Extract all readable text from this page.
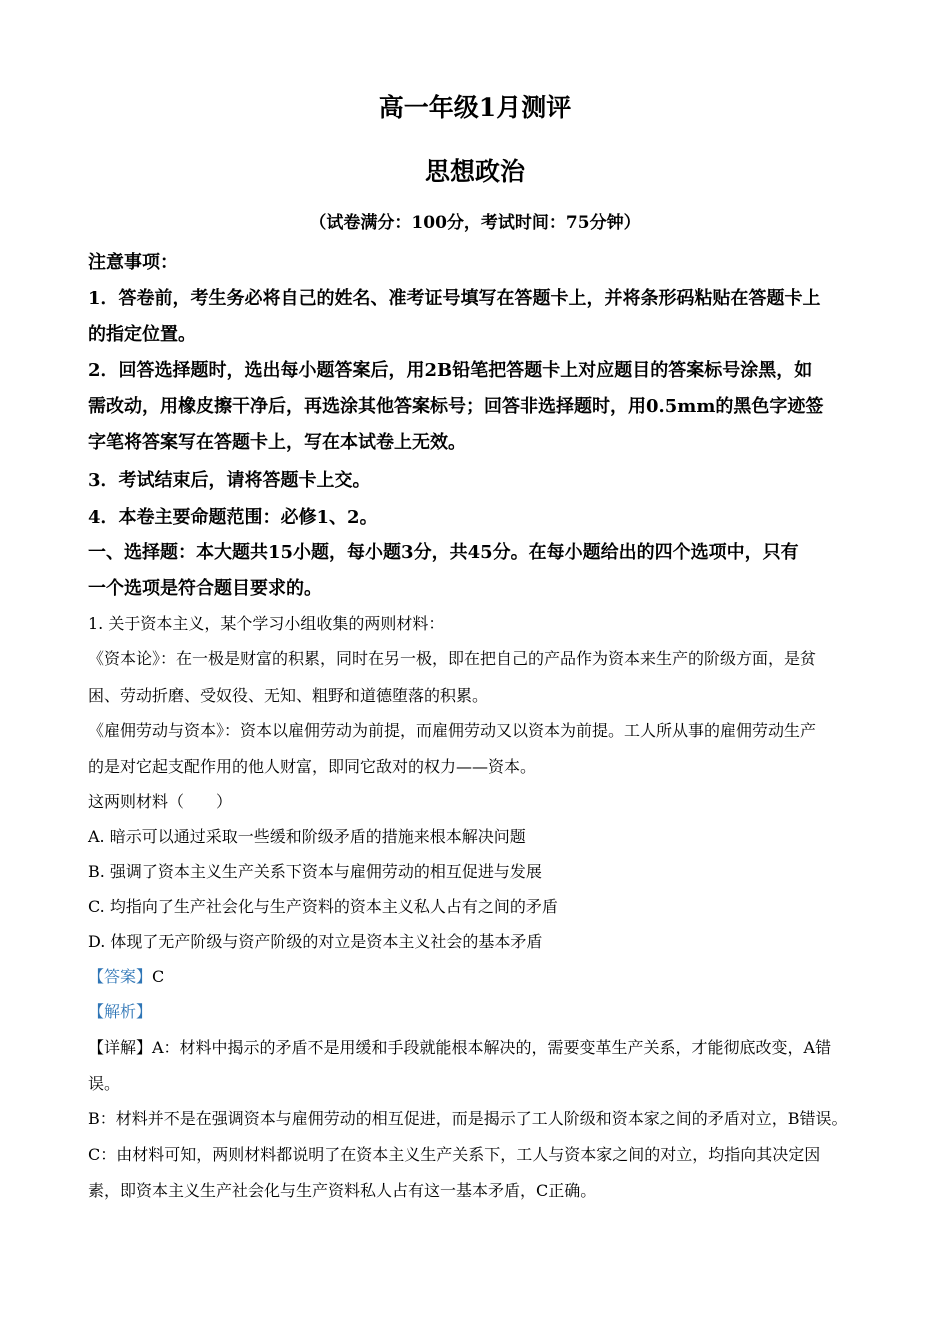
高一年级1月测评
思想政治
（试卷满分：100分，考试时间：75分钟）
注意事项：
1．答卷前，考生务必将自己的姓名、准考证号填写在答题卡上，并将条形码粘贴在答题卡上
的指定位置。
2．回答选择题时，选出每小题答案后，用2B铅笔把答题卡上对应题目的答案标号涂黑，如
需改动，用橡皮擦干净后，再选涂其他答案标号；回答非选择题时，用0.5mm的黑色字迹签
字笔将答案写在答题卡上，写在本试卷上无效。
3．考试结束后，请将答题卡上交。
4．本卷主要命题范围：必修1、2。
一、选择题：本大题共15小题，每小题3分，共45分。在每小题给出的四个选项中，只有
一个选项是符合题目要求的。
1. 关于资本主义，某个学习小组收集的两则材料：
《资本论》：在一极是财富的积累，同时在另一极，即在把自己的产品作为资本来生产的阶级方面，是贫
困、劳动折磨、受奴役、无知、粗野和道德堕落的积累。
《雇佣劳动与资本》：资本以雇佣劳动为前提，而雇佣劳动又以资本为前提。工人所从事的雇佣劳动生产
的是对它起支配作用的他人财富，即同它敌对的权力——资本。
这两则材料（　　）
A. 暗示可以通过采取一些缓和阶级矛盾的措施来根本解决问题
B. 强调了资本主义生产关系下资本与雇佣劳动的相互促进与发展
C. 均指向了生产社会化与生产资料的资本主义私人占有之间的矛盾
D. 体现了无产阶级与资产阶级的对立是资本主义社会的基本矛盾
【答案】C
【解析】
【详解】A：材料中揭示的矛盾不是用缓和手段就能根本解决的，需要变革生产关系，才能彻底改变，A错
误。
B：材料并不是在强调资本与雇佣劳动的相互促进，而是揭示了工人阶级和资本家之间的矛盾对立，B错误。
C：由材料可知，两则材料都说明了在资本主义生产关系下，工人与资本家之间的对立，均指向其决定因
素，即资本主义生产社会化与生产资料私人占有这一基本矛盾，C正确。
